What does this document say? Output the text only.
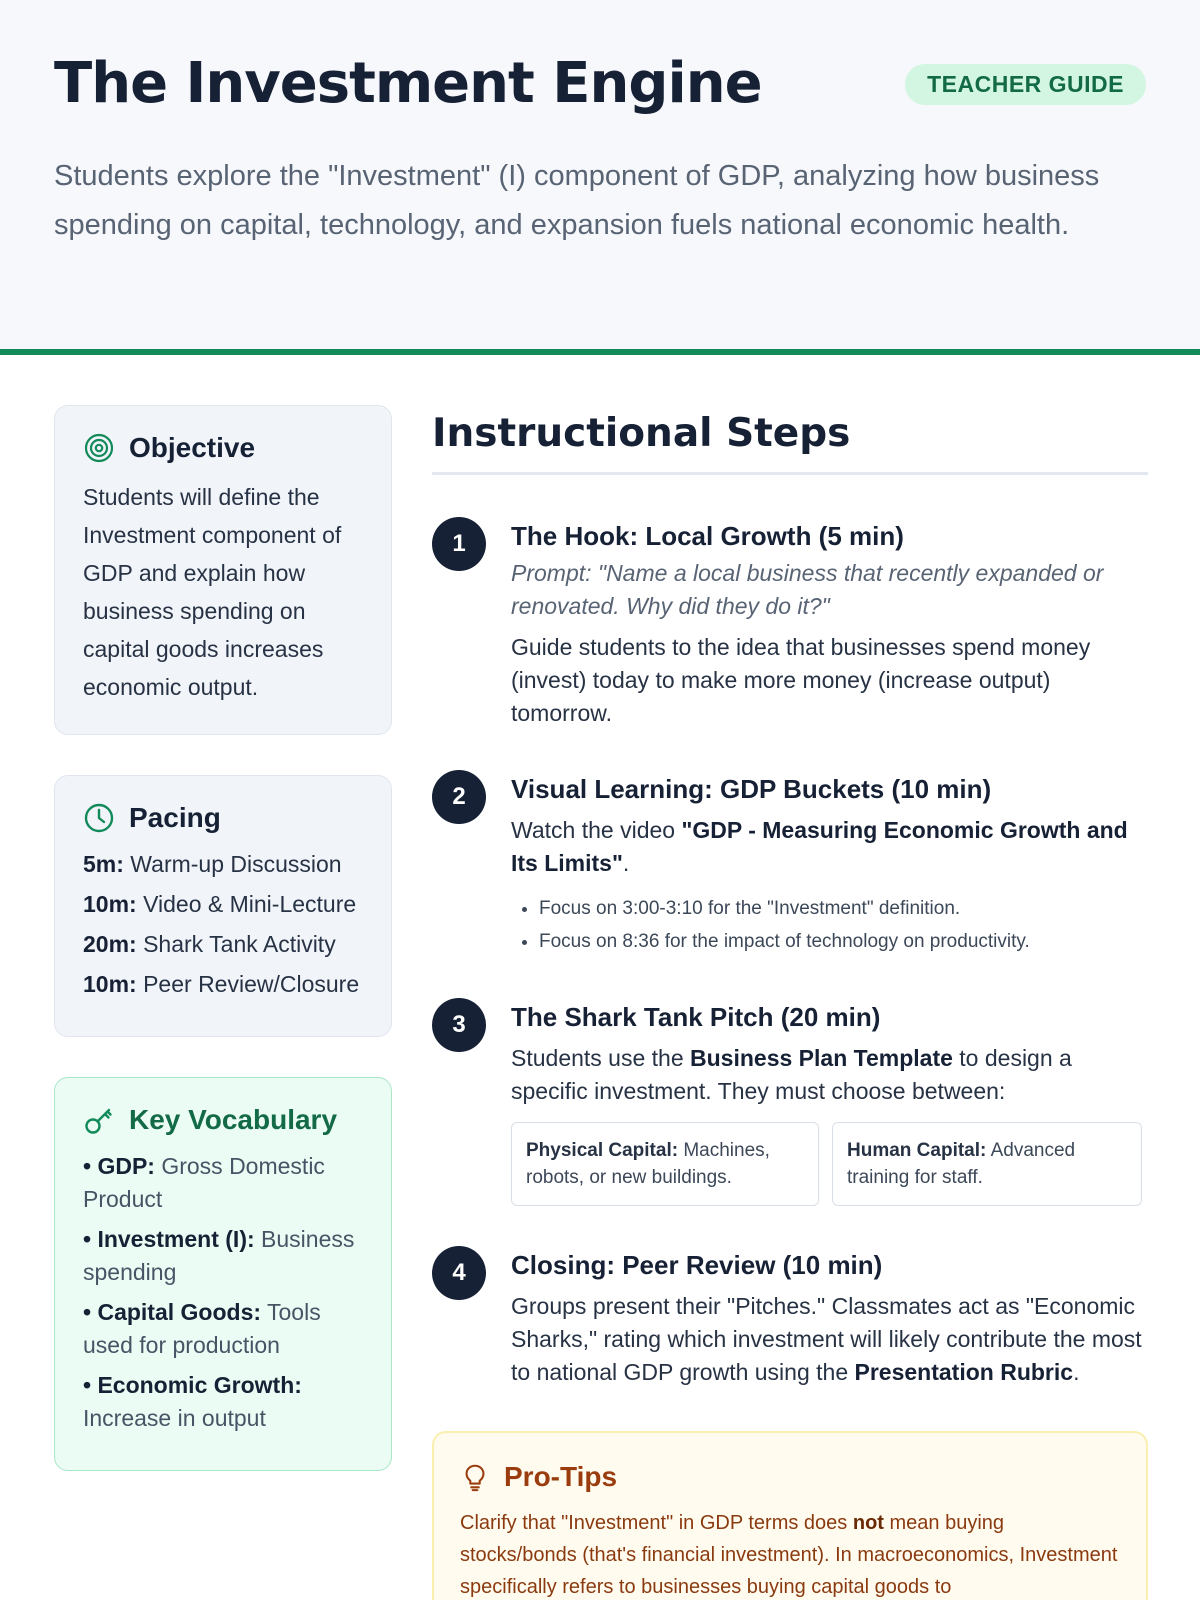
The Investment Engine	TEACHER GUIDE

Students explore the "Investment" (I) component of GDP, analyzing how business spending on capital, technology, and expansion fuels national economic health.

Objective

Students will define the Investment component of GDP and explain how business spending on capital goods increases economic output.

Pacing
5m: Warm-up Discussion
10m: Video & Mini-Lecture
20m: Shark Tank Activity
10m: Peer Review/Closure
Key Vocabulary
• GDP: Gross Domestic Product
• Investment (I): Business spending
• Capital Goods: Tools used for production
• Economic Growth: Increase in output
Instructional Steps
1	The Hook: Local Growth (5 min)

Prompt: "Name a local business that recently expanded or renovated. Why did they do it?"

Guide students to the idea that businesses spend money (invest) today to make more money (increase output) tomorrow.

2	Visual Learning: GDP Buckets (10 min)

Watch the video "GDP - Measuring Economic Growth and Its Limits".

• Focus on 3:00-3:10 for the "Investment" definition.
• Focus on 8:36 for the impact of technology on productivity.
3	The Shark Tank Pitch (20 min)

Students use the Business Plan Template to design a specific investment. They must choose between:

Physical Capital: Machines, robots, or new buildings.
Human Capital: Advanced training for staff.
4	Closing: Peer Review (10 min)

Groups present their "Pitches." Classmates act as "Economic Sharks," rating which investment will likely contribute the most to national GDP growth using the Presentation Rubric.

Pro-Tips

Clarify that "Investment" in GDP terms does not mean buying stocks/bonds (that's financial investment). In macroeconomics, Investment specifically refers to businesses buying capital goods to
